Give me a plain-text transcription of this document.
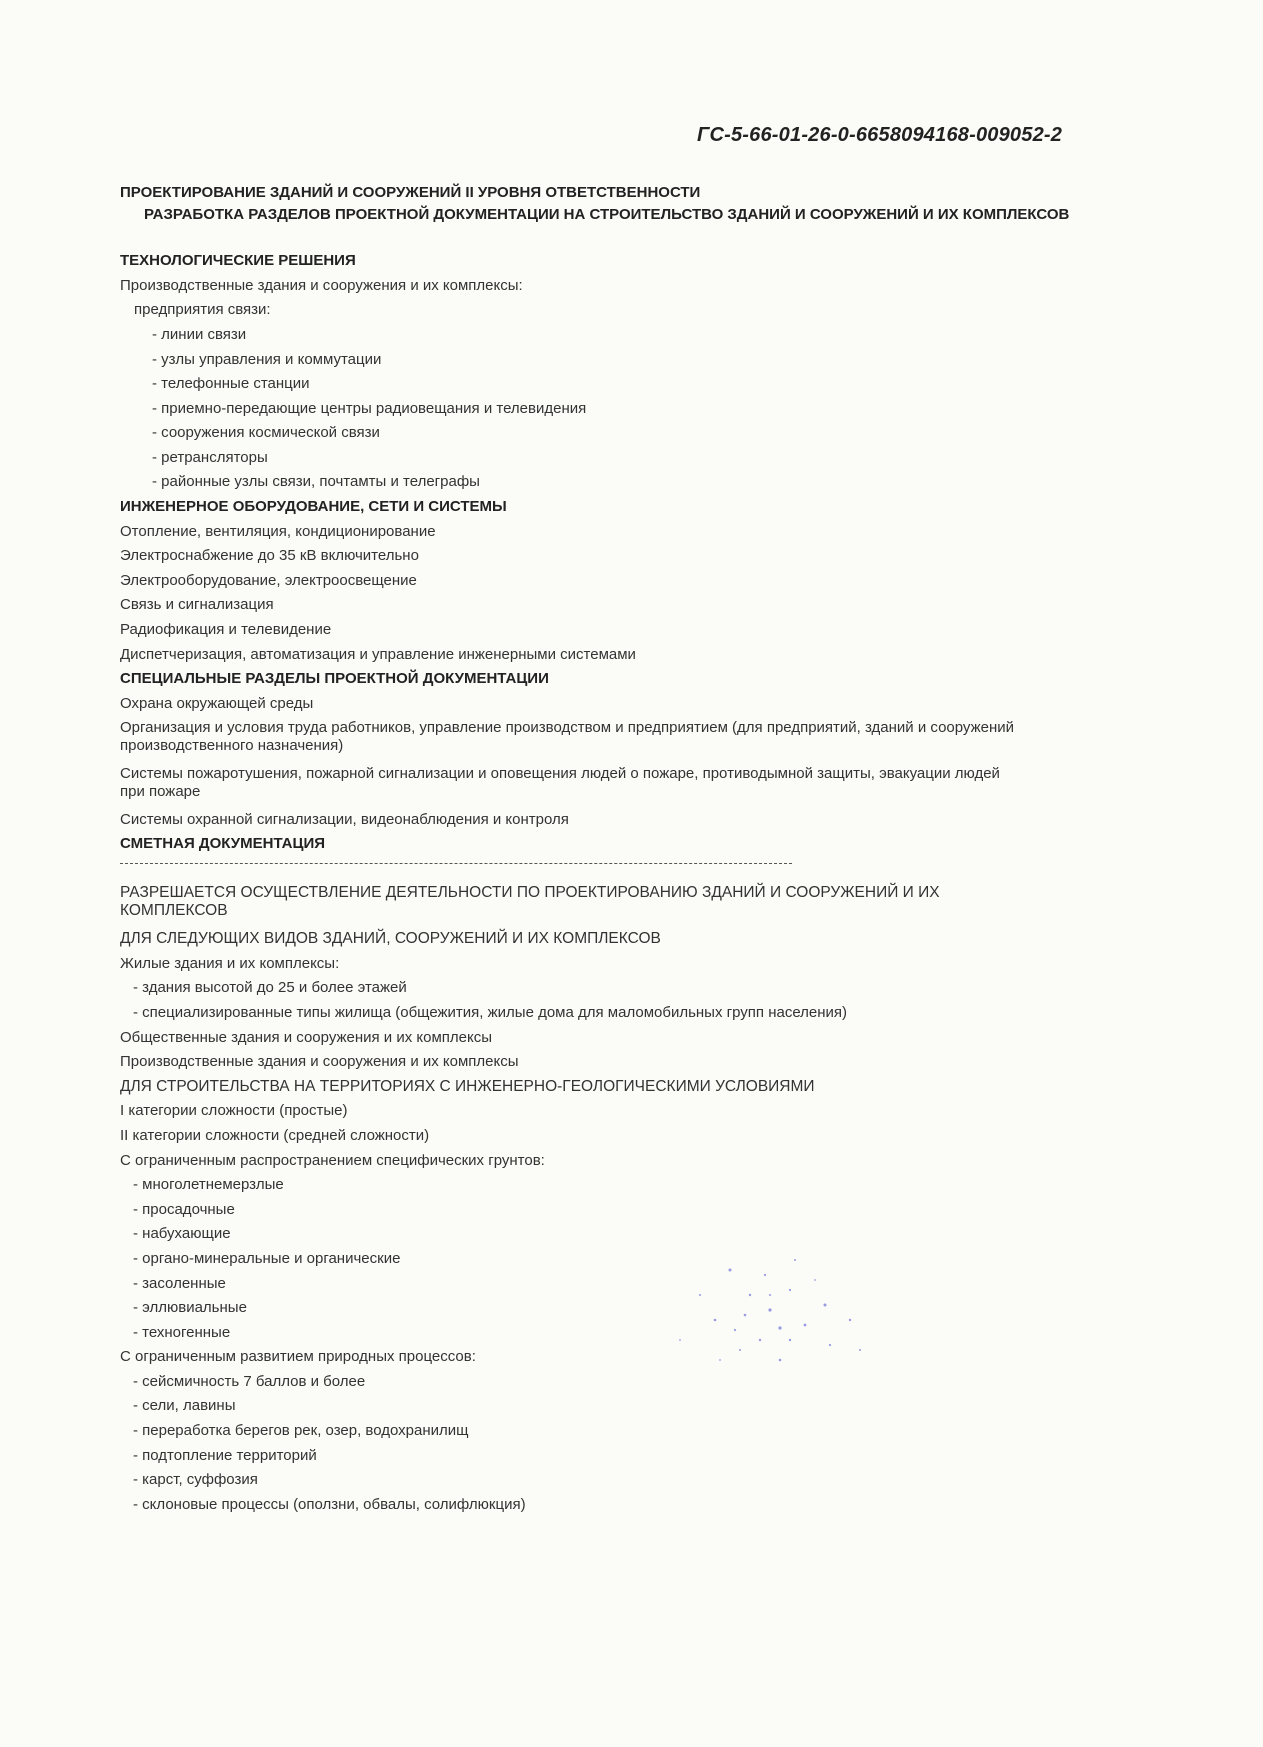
ГС-5-66-01-26-0-6658094168-009052-2
ПРОЕКТИРОВАНИЕ ЗДАНИЙ И СООРУЖЕНИЙ II УРОВНЯ ОТВЕТСТВЕННОСТИ
РАЗРАБОТКА РАЗДЕЛОВ ПРОЕКТНОЙ ДОКУМЕНТАЦИИ НА СТРОИТЕЛЬСТВО ЗДАНИЙ И СООРУЖЕНИЙ И ИХ КОМПЛЕКСОВ
ТЕХНОЛОГИЧЕСКИЕ РЕШЕНИЯ
Производственные здания и сооружения и их комплексы:
предприятия связи:
- линии связи
- узлы управления и коммутации
- телефонные станции
- приемно-передающие центры радиовещания и телевидения
- сооружения космической связи
- ретрансляторы
- районные узлы связи, почтамты и телеграфы
ИНЖЕНЕРНОЕ ОБОРУДОВАНИЕ, СЕТИ И СИСТЕМЫ
Отопление, вентиляция, кондиционирование
Электроснабжение до 35 кВ включительно
Электрооборудование, электроосвещение
Связь и сигнализация
Радиофикация и телевидение
Диспетчеризация, автоматизация и управление инженерными системами
СПЕЦИАЛЬНЫЕ РАЗДЕЛЫ ПРОЕКТНОЙ ДОКУМЕНТАЦИИ
Охрана окружающей среды
Организация и условия труда работников, управление производством и предприятием (для предприятий, зданий и сооружений производственного назначения)
Системы пожаротушения, пожарной сигнализации и оповещения людей о пожаре, противодымной защиты, эвакуации людей при пожаре
Системы охранной сигнализации, видеонаблюдения и контроля
СМЕТНАЯ ДОКУМЕНТАЦИЯ
РАЗРЕШАЕТСЯ ОСУЩЕСТВЛЕНИЕ ДЕЯТЕЛЬНОСТИ ПО ПРОЕКТИРОВАНИЮ ЗДАНИЙ И СООРУЖЕНИЙ И ИХ КОМПЛЕКСОВ
ДЛЯ СЛЕДУЮЩИХ ВИДОВ ЗДАНИЙ, СООРУЖЕНИЙ И ИХ КОМПЛЕКСОВ
Жилые здания и их комплексы:
- здания высотой до 25 и более этажей
- специализированные типы жилища (общежития, жилые дома для маломобильных групп населения)
Общественные здания и сооружения и их комплексы
Производственные здания и сооружения и их комплексы
ДЛЯ СТРОИТЕЛЬСТВА НА ТЕРРИТОРИЯХ С ИНЖЕНЕРНО-ГЕОЛОГИЧЕСКИМИ УСЛОВИЯМИ
I категории сложности (простые)
II категории сложности (средней сложности)
С ограниченным распространением специфических грунтов:
- многолетнемерзлые
- просадочные
- набухающие
- органо-минеральные и органические
- засоленные
- эллювиальные
- техногенные
С ограниченным развитием природных процессов:
- сейсмичность 7 баллов и более
- сели, лавины
- переработка берегов рек, озер, водохранилищ
- подтопление территорий
- карст, суффозия
- склоновые процессы (оползни, обвалы, солифлюкция)
